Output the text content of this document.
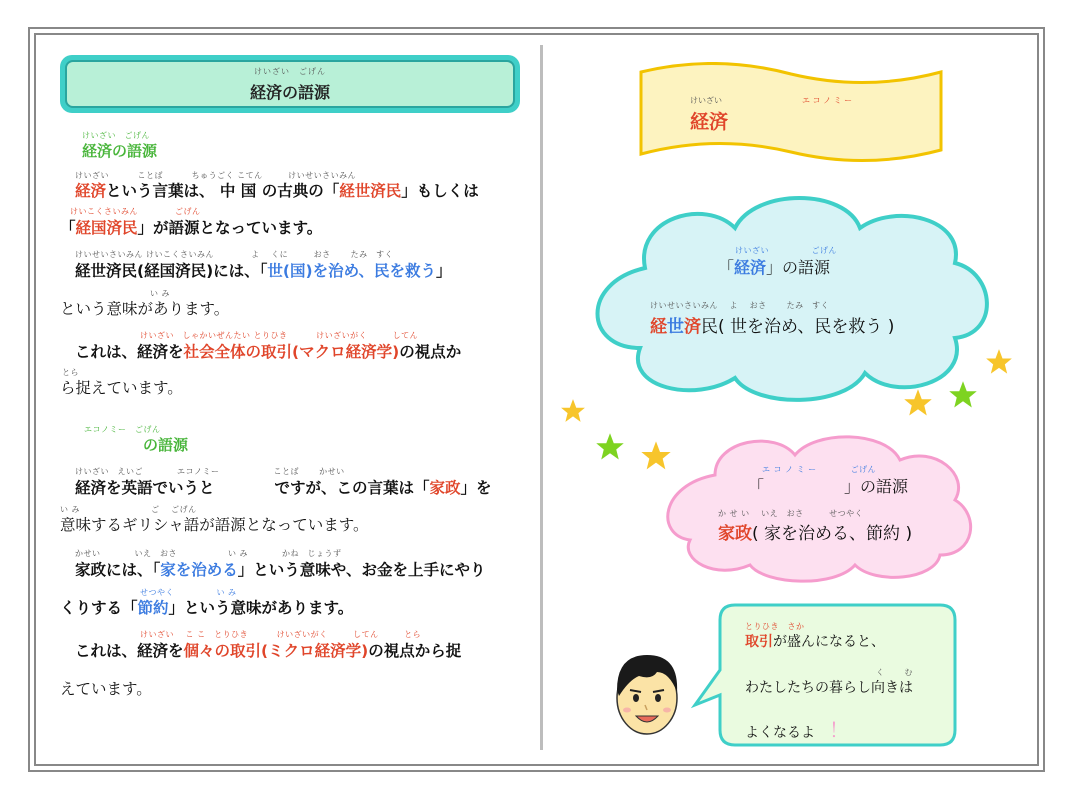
けいざい　ごげん
経済の語源
けいざい　ごげん
経済の語源
けいざい　　　 ことば　　　 ちゅうごく こてん　　　けいせいさいみん
経済という言葉は、 中 国 の古典の「経世済民」もしくは
けいこくさいみん　　　　 ごげん
「経国済民」が語源となっています。
けいせいさいみん けいこくさいみん　　　　 よ　 くに　　　おさ　　 たみ　すく
経世済民(経国済民)には、「世(国)を治め、民を救う」
い み
という意味があります。
けいざい　しゃかいぜんたい とりひき　　　 けいざいがく　　　してん
これは、経済を社会全体の取引(マクロ経済学)の視点か
とら
ら捉えています。
エコノミー　ごげん
の語源
けいざい　えいご　　　　エコノミー　　　　　　 ことば　　 かせい
経済を英語でいうと	ですが、この言葉は「家政」を
い み　　　　　　　　 ご　 ごげん
意味するギリシャ語が語源となっています。
かせい　　　　いえ　おさ　　　　　　い み　　　　かね　じょうず
家政には、「家を治める」という意味や、お金を上手にやり
せつやく　　　　　い み
くりする「節約」という意味があります。
けいざい　 こ こ　とりひき　　　 けいざいがく　　　してん　　　とら
これは、経済を個々の取引(ミクロ経済学)の視点から捉
えています。
けいざい	エ コ ノ ミ ー
経済
けいざい　　　　　ごげん
「経済」の語源
けいせいさいみん　 よ　 おさ　　 たみ　すく
経世済民( 世を治め、民を救う )
エ コ ノ ミ ー　　　　ごげん
「	」の語源
か せ い　 いえ　おさ　　　せつやく
家政( 家を治める、節約 )
とりひき　さか
取引が盛んになると、
く　　 む
わたしたちの暮らし向きは
よくなるよ ！
